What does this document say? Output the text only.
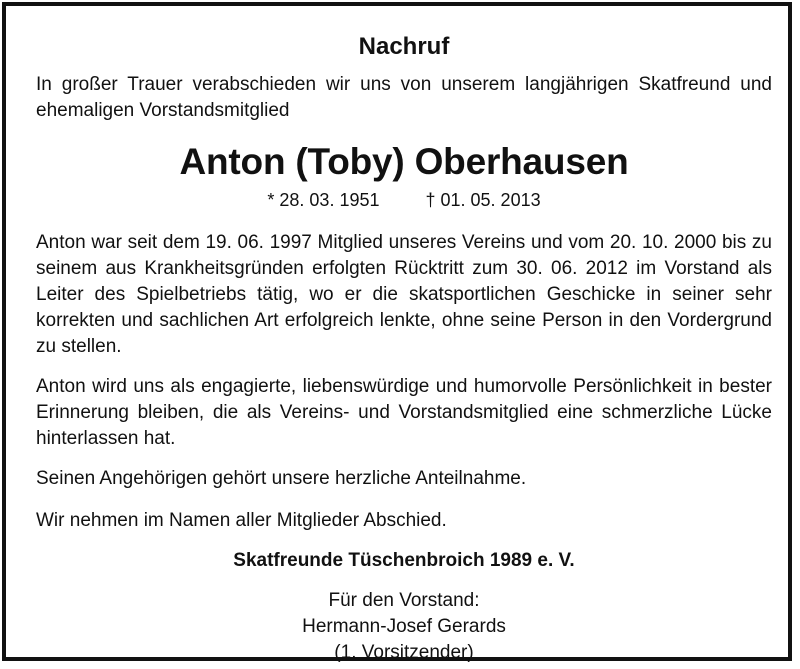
Nachruf

In großer Trauer verabschieden wir uns von unserem langjährigen Skatfreund und ehemaligen Vorstandsmitglied

Anton (Toby) Oberhausen
* 28. 03. 1951	† 01. 05. 2013

Anton war seit dem 19. 06. 1997 Mitglied unseres Vereins und vom 20. 10. 2000 bis zu seinem aus Krankheitsgründen erfolgten Rücktritt zum 30. 06. 2012 im Vorstand als Leiter des Spielbetriebs tätig, wo er die skatsportlichen Geschicke in seiner sehr korrekten und sachlichen Art erfolgreich lenkte, ohne seine Person in den Vordergrund zu stellen.

Anton wird uns als engagierte, liebenswürdige und humorvolle Persönlichkeit in bester Erinnerung bleiben, die als Vereins- und Vorstandsmitglied eine schmerzliche Lücke hinterlassen hat.

Seinen Angehörigen gehört unsere herzliche Anteilnahme.

Wir nehmen im Namen aller Mitglieder Abschied.

Skatfreunde Tüschenbroich 1989 e. V.
Für den Vorstand:
Hermann-Josef Gerards
(1. Vorsitzender)
